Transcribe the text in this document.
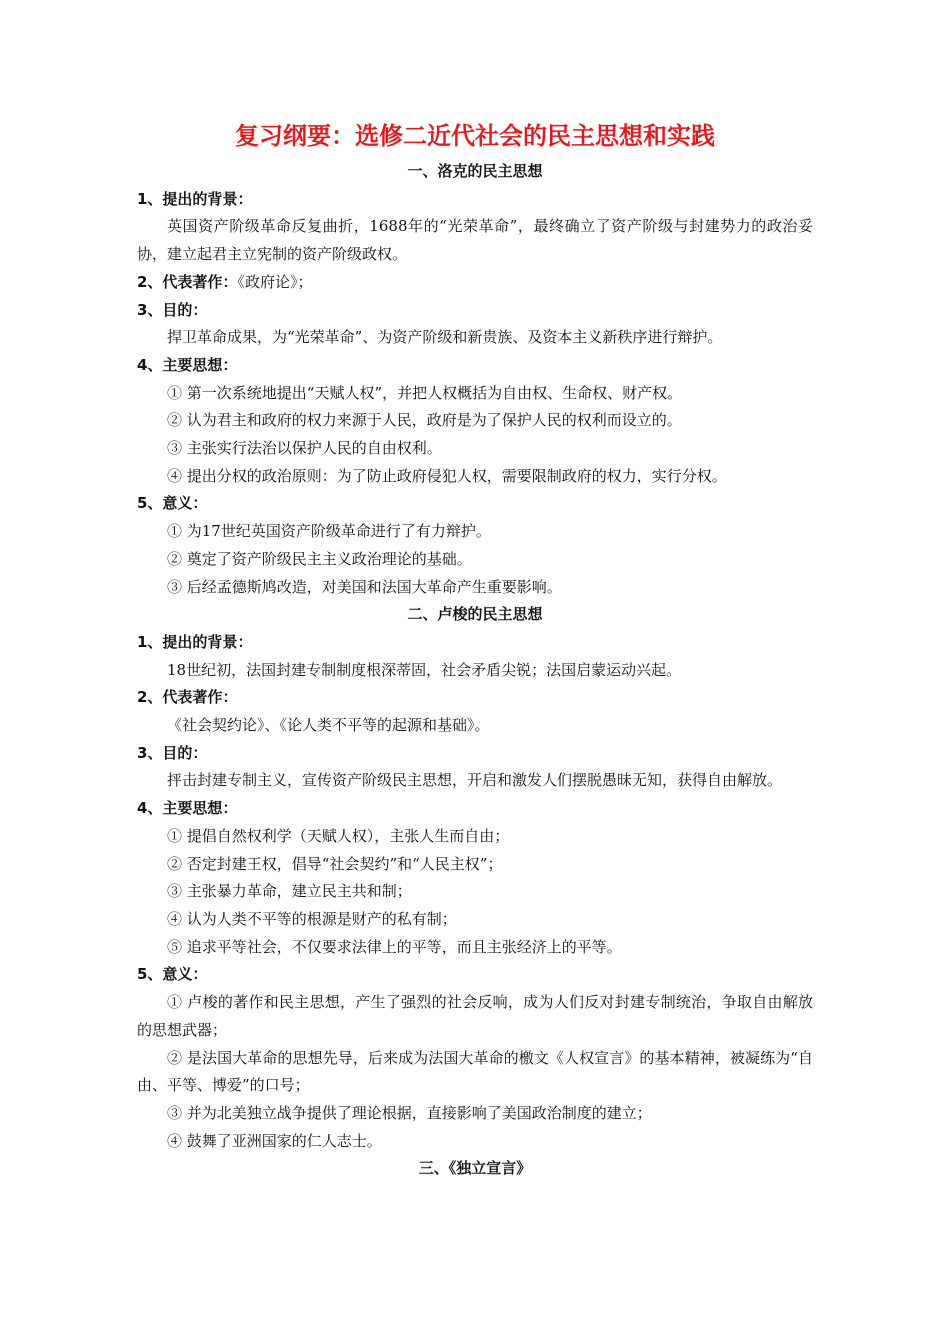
复习纲要：选修二近代社会的民主思想和实践
一、洛克的民主思想

1、提出的背景：

英国资产阶级革命反复曲折，1688年的“光荣革命”，最终确立了资产阶级与封建势力的政治妥协，建立起君主立宪制的资产阶级政权。

2、代表著作：《政府论》；

3、目的：

捍卫革命成果，为“光荣革命”、为资产阶级和新贵族、及资本主义新秩序进行辩护。

4、主要思想：

① 第一次系统地提出“天赋人权”，并把人权概括为自由权、生命权、财产权。

② 认为君主和政府的权力来源于人民，政府是为了保护人民的权利而设立的。

③ 主张实行法治以保护人民的自由权利。

④ 提出分权的政治原则：为了防止政府侵犯人权，需要限制政府的权力，实行分权。

5、意义：

① 为17世纪英国资产阶级革命进行了有力辩护。

② 奠定了资产阶级民主主义政治理论的基础。

③ 后经孟德斯鸠改造，对美国和法国大革命产生重要影响。

二、卢梭的民主思想

1、提出的背景：

18世纪初，法国封建专制制度根深蒂固，社会矛盾尖锐；法国启蒙运动兴起。

2、代表著作：

《社会契约论》、《论人类不平等的起源和基础》。

3、目的：

抨击封建专制主义，宣传资产阶级民主思想，开启和激发人们摆脱愚昧无知，获得自由解放。

4、主要思想：

① 提倡自然权利学（天赋人权），主张人生而自由；

② 否定封建王权，倡导“社会契约”和“人民主权”；

③ 主张暴力革命，建立民主共和制；

④ 认为人类不平等的根源是财产的私有制；

⑤ 追求平等社会，不仅要求法律上的平等，而且主张经济上的平等。

5、意义：

① 卢梭的著作和民主思想，产生了强烈的社会反响，成为人们反对封建专制统治，争取自由解放的思想武器；

② 是法国大革命的思想先导，后来成为法国大革命的檄文《人权宣言》的基本精神，被凝练为“自由、平等、博爱”的口号；

③ 并为北美独立战争提供了理论根据，直接影响了美国政治制度的建立；

④ 鼓舞了亚洲国家的仁人志士。

三、《独立宣言》
